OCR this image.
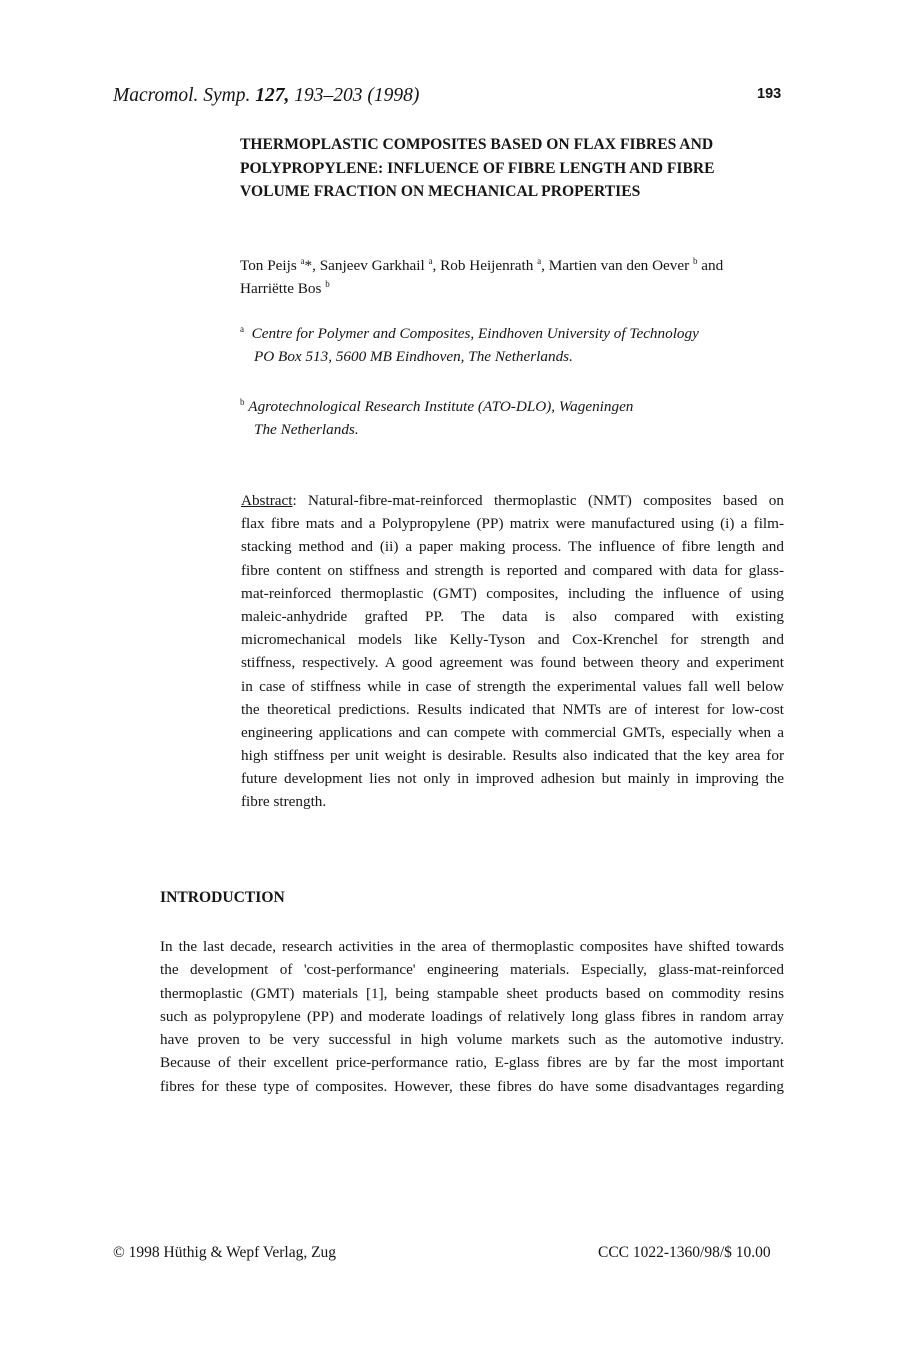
Macromol. Symp. 127, 193–203 (1998)	193
THERMOPLASTIC COMPOSITES BASED ON FLAX FIBRES AND
POLYPROPYLENE: INFLUENCE OF FIBRE LENGTH AND FIBRE
VOLUME FRACTION ON MECHANICAL PROPERTIES
Ton Peijs $^a$*, Sanjeev Garkhail $^a$, Rob Heijenrath $^a$, Martien van den Oever $^b$ and
Harriëtte Bos $^b$
$^a$ Centre for Polymer and Composites, Eindhoven University of Technology
PO Box 513, 5600 MB Eindhoven, The Netherlands.
$^b$ Agrotechnological Research Institute (ATO-DLO), Wageningen
The Netherlands.
Abstract: Natural-fibre-mat-reinforced thermoplastic (NMT) composites based on
flax fibre mats and a Polypropylene (PP) matrix were manufactured using (i) a film-
stacking method and (ii) a paper making process. The influence of fibre length and
fibre content on stiffness and strength is reported and compared with data for glass-
mat-reinforced thermoplastic (GMT) composites, including the influence of using
maleic-anhydride grafted PP. The data is also compared with existing
micromechanical models like Kelly-Tyson and Cox-Krenchel for strength and
stiffness, respectively. A good agreement was found between theory and experiment
in case of stiffness while in case of strength the experimental values fall well below
the theoretical predictions. Results indicated that NMTs are of interest for low-cost
engineering applications and can compete with commercial GMTs, especially when a
high stiffness per unit weight is desirable. Results also indicated that the key area for
future development lies not only in improved adhesion but mainly in improving the
fibre strength.
INTRODUCTION
In the last decade, research activities in the area of thermoplastic composites have shifted towards
the development of 'cost-performance' engineering materials. Especially, glass-mat-reinforced
thermoplastic (GMT) materials [1], being stampable sheet products based on commodity resins
such as polypropylene (PP) and moderate loadings of relatively long glass fibres in random array
have proven to be very successful in high volume markets such as the automotive industry.
Because of their excellent price-performance ratio, E-glass fibres are by far the most important
fibres for these type of composites. However, these fibres do have some disadvantages regarding
© 1998 Hüthig & Wepf Verlag, Zug	CCC 1022-1360/98/$ 10.00
